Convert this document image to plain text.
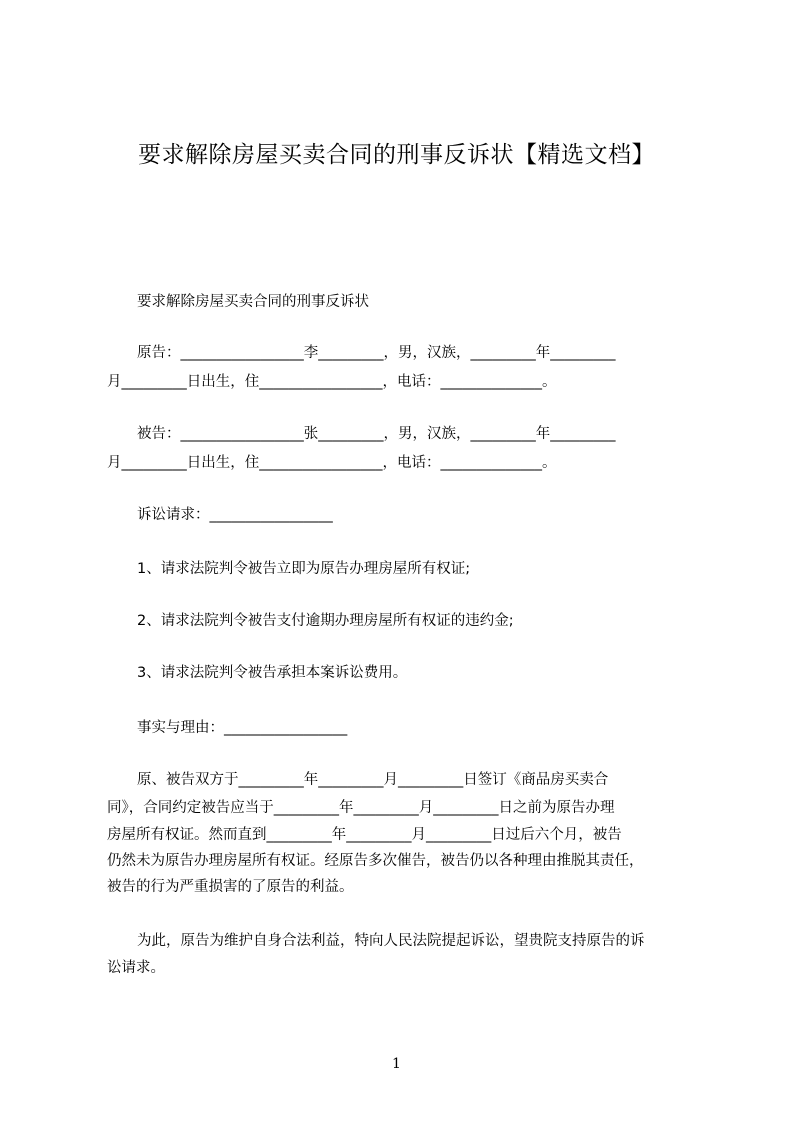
要求解除房屋买卖合同的刑事反诉状【精选文档】
要求解除房屋买卖合同的刑事反诉状
原告：_________________李_________，男，汉族，_________年_________
月_________日出生，住_________________，电话：______________。
被告：_________________张_________，男，汉族，_________年_________
月_________日出生，住_________________，电话：______________。
诉讼请求：_________________
1、请求法院判令被告立即为原告办理房屋所有权证;
2、请求法院判令被告支付逾期办理房屋所有权证的违约金;
3、请求法院判令被告承担本案诉讼费用。
事实与理由：_________________
原、被告双方于_________年_________月_________日签订《商品房买卖合
同》，合同约定被告应当于_________年_________月_________日之前为原告办理
房屋所有权证。然而直到_________年_________月_________日过后六个月，被告
仍然未为原告办理房屋所有权证。经原告多次催告，被告仍以各种理由推脱其责任，
被告的行为严重损害的了原告的利益。
为此，原告为维护自身合法利益，特向人民法院提起诉讼，望贵院支持原告的诉
讼请求。
1
